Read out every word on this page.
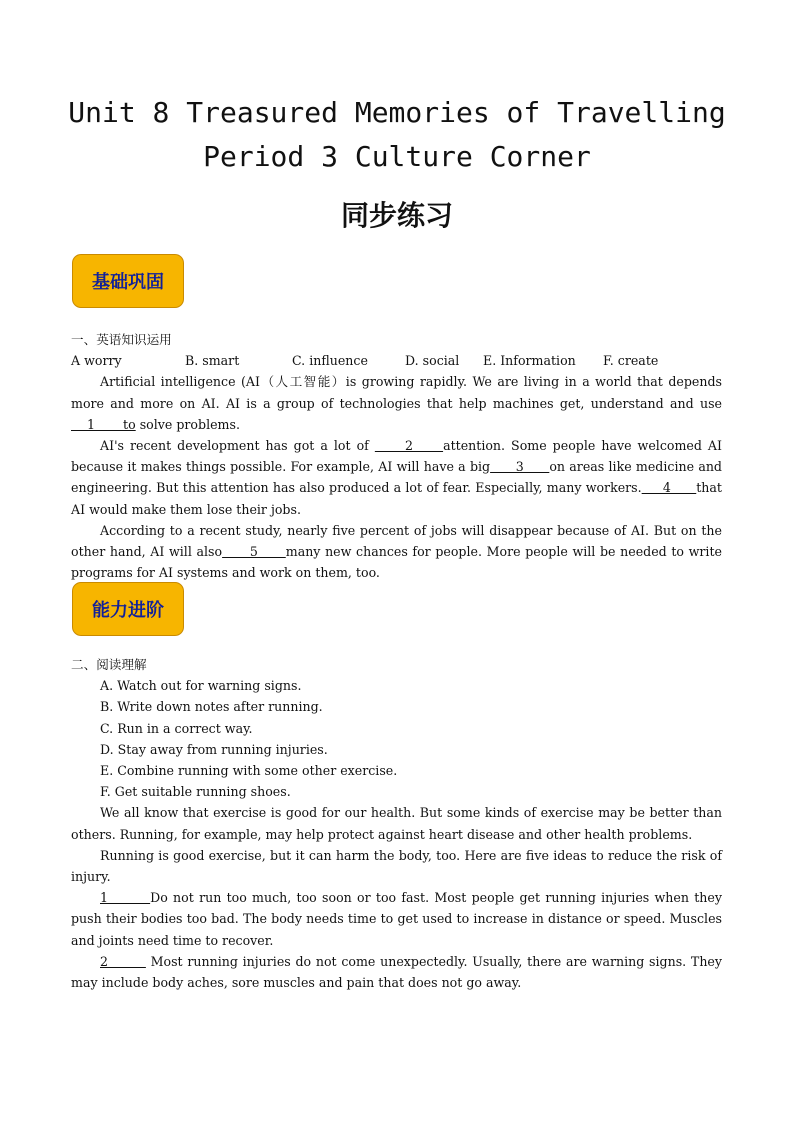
Unit 8 Treasured Memories of Travelling
Period 3 Culture Corner
同步练习
基础巩固
一、英语知识运用
A worry	B. smart	C. influence	D. social	E. Information	F. create

Artificial intelligence (AI（人工智能）is growing rapidly. We are living in a world that depends more and more on AI. AI is a group of technologies that help machines get, understand and use     1       to solve problems.

AI's recent development has got a lot of      2     attention. Some people have welcomed AI because it makes things possible. For example, AI will have a big      3      on areas like medicine and engineering. But this attention has also produced a lot of fear. Especially, many workers.     4      that AI would make them lose their jobs.

According to a recent study, nearly five percent of jobs will disappear because of AI. But on the other hand, AI will also      5      many new chances for people. More people will be needed to write programs for AI systems and work on them, too.

能力进阶
二、阅读理解

A. Watch out for warning signs.

B. Write down notes after running.

C. Run in a correct way.

D. Stay away from running injuries.

E. Combine running with some other exercise.

F. Get suitable running shoes.

We all know that exercise is good for our health. But some kinds of exercise may be better than others. Running, for example, may help protect against heart disease and other health problems.

Running is good exercise, but it can harm the body, too. Here are five ideas to reduce the risk of injury.

1        Do not run too much, too soon or too fast. Most people get running injuries when they push their bodies too bad. The body needs time to get used to increase in distance or speed. Muscles and joints need time to recover.

2         Most running injuries do not come unexpectedly. Usually, there are warning signs. They may include body aches, sore muscles and pain that does not go away.
